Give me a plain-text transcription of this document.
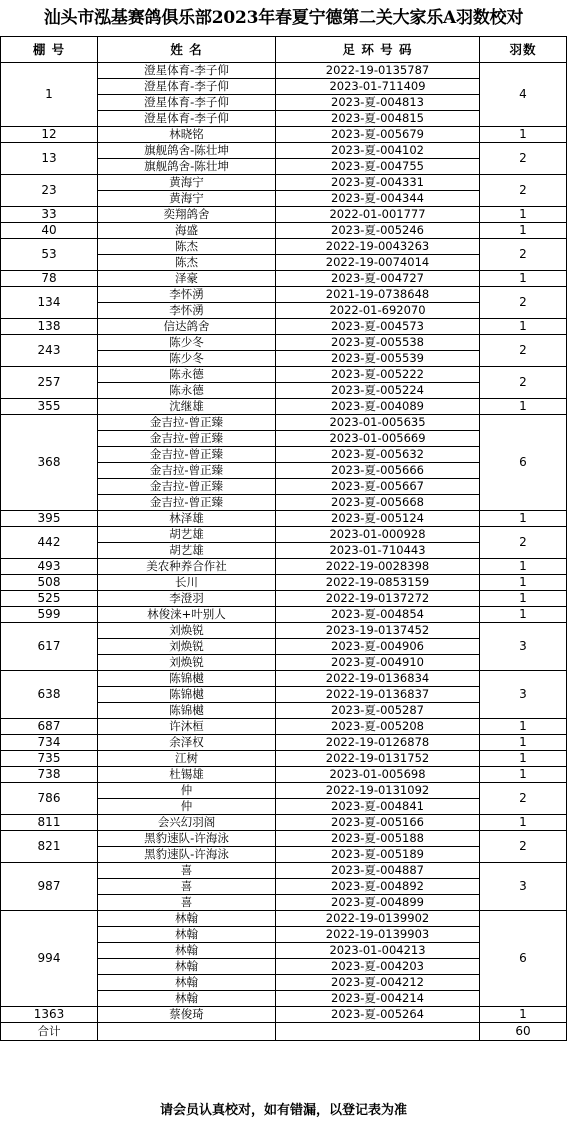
汕头市泓基赛鸽俱乐部2023年春夏宁德第二关大家乐A羽数校对
棚 号	姓 名	足 环 号 码	羽数
1	澄星体育-李子仰	2022-19-0135787	4
	澄星体育-李子仰	2023-01-711409	
	澄星体育-李子仰	2023-夏-004813	
	澄星体育-李子仰	2023-夏-004815	
12	林晓铭	2023-夏-005679	1
13	旗舰鸽舍-陈壮坤	2023-夏-004102	2
	旗舰鸽舍-陈壮坤	2023-夏-004755	
23	黄海宁	2023-夏-004331	2
	黄海宁	2023-夏-004344	
33	奕翔鸽舍	2022-01-001777	1
40	海盛	2023-夏-005246	1
53	陈杰	2022-19-0043263	2
	陈杰	2022-19-0074014	
78	泽豪	2023-夏-004727	1
134	李怀湧	2021-19-0738648	2
	李怀湧	2022-01-692070	
138	信达鸽舍	2023-夏-004573	1
243	陈少冬	2023-夏-005538	2
	陈少冬	2023-夏-005539	
257	陈永德	2023-夏-005222	2
	陈永德	2023-夏-005224	
355	沈继雄	2023-夏-004089	1
368	金吉拉-曾正臻	2023-01-005635	6
	金吉拉-曾正臻	2023-01-005669	
	金吉拉-曾正臻	2023-夏-005632	
	金吉拉-曾正臻	2023-夏-005666	
	金吉拉-曾正臻	2023-夏-005667	
	金吉拉-曾正臻	2023-夏-005668	
395	林泽雄	2023-夏-005124	1
442	胡艺雄	2023-01-000928	2
	胡艺雄	2023-01-710443	
493	美农种养合作社	2022-19-0028398	1
508	长川	2022-19-0853159	1
525	李澄羽	2022-19-0137272	1
599	林俊涞+叶别人	2023-夏-004854	1
617	刘焕锐	2023-19-0137452	3
	刘焕锐	2023-夏-004906	
	刘焕锐	2023-夏-004910	
638	陈锦樾	2022-19-0136834	3
	陈锦樾	2022-19-0136837	
	陈锦樾	2023-夏-005287	
687	许沐桓	2023-夏-005208	1
734	余泽权	2022-19-0126878	1
735	江树	2022-19-0131752	1
738	杜锡雄	2023-01-005698	1
786	仲	2022-19-0131092	2
	仲	2023-夏-004841	
811	会兴幻羽阁	2023-夏-005166	1
821	黑豹速队-许海泳	2023-夏-005188	2
	黑豹速队-许海泳	2023-夏-005189	
987	喜	2023-夏-004887	3
	喜	2023-夏-004892	
	喜	2023-夏-004899	
994	林翰	2022-19-0139902	6
	林翰	2022-19-0139903	
	林翰	2023-01-004213	
	林翰	2023-夏-004203	
	林翰	2023-夏-004212	
	林翰	2023-夏-004214	
1363	蔡俊琦	2023-夏-005264	1
合计			60
请会员认真校对，如有错漏，以登记表为准
